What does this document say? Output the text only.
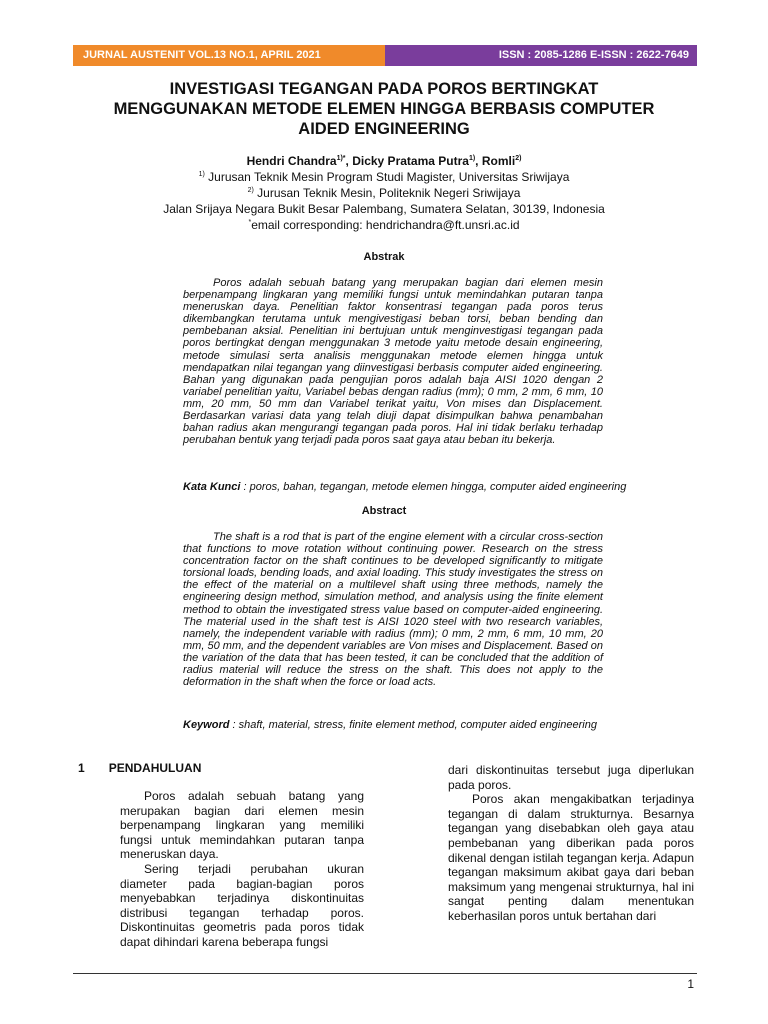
JURNAL AUSTENIT VOL.13 NO.1, APRIL 2021	ISSN : 2085-1286 E-ISSN : 2622-7649
INVESTIGASI TEGANGAN PADA POROS BERTINGKAT
MENGGUNAKAN METODE ELEMEN HINGGA BERBASIS COMPUTER
AIDED ENGINEERING
Hendri Chandra$^{1)*}$, Dicky Pratama Putra$^{1)}$, Romli$^{2)}$
$^{1)}$ Jurusan Teknik Mesin Program Studi Magister, Universitas Sriwijaya
$^{2)}$ Jurusan Teknik Mesin, Politeknik Negeri Sriwijaya
Jalan Srijaya Negara Bukit Besar Palembang, Sumatera Selatan, 30139, Indonesia
*email corresponding: hendrichandra@ft.unsri.ac.id
Abstrak

Poros adalah sebuah batang yang merupakan bagian dari elemen mesin berpenampang lingkaran yang memiliki fungsi untuk memindahkan putaran tanpa meneruskan daya. Penelitian faktor konsentrasi tegangan pada poros terus dikembangkan terutama untuk mengivestigasi beban torsi, beban bending dan pembebanan aksial. Penelitian ini bertujuan untuk menginvestigasi tegangan pada poros bertingkat dengan menggunakan 3 metode yaitu metode desain engineering, metode simulasi serta analisis menggunakan metode elemen hingga untuk mendapatkan nilai tegangan yang diinvestigasi berbasis computer aided engineering. Bahan yang digunakan pada pengujian poros adalah baja AISI 1020 dengan 2 variabel penelitian yaitu, Variabel bebas dengan radius (mm); 0 mm, 2 mm, 6 mm, 10 mm, 20 mm, 50 mm dan Variabel terikat yaitu, Von mises dan Displacement. Berdasarkan variasi data yang telah diuji dapat disimpulkan bahwa penambahan bahan radius akan mengurangi tegangan pada poros. Hal ini tidak berlaku terhadap perubahan bentuk yang terjadi pada poros saat gaya atau beban itu bekerja.

Kata Kunci : poros, bahan, tegangan, metode elemen hingga, computer aided engineering
Abstract

The shaft is a rod that is part of the engine element with a circular cross-section that functions to move rotation without continuing power. Research on the stress concentration factor on the shaft continues to be developed significantly to mitigate torsional loads, bending loads, and axial loading. This study investigates the stress on the effect of the material on a multilevel shaft using three methods, namely the engineering design method, simulation method, and analysis using the finite element method to obtain the investigated stress value based on computer-aided engineering. The material used in the shaft test is AISI 1020 steel with two research variables, namely, the independent variable with radius (mm); 0 mm, 2 mm, 6 mm, 10 mm, 20 mm, 50 mm, and the dependent variables are Von mises and Displacement. Based on the variation of the data that has been tested, it can be concluded that the addition of radius material will reduce the stress on the shaft. This does not apply to the deformation in the shaft when the force or load acts.

Keyword : shaft, material, stress, finite element method, computer aided engineering
1 PENDAHULUAN

Poros adalah sebuah batang yang merupakan bagian dari elemen mesin berpenampang lingkaran yang memiliki fungsi untuk memindahkan putaran tanpa meneruskan daya.

Sering terjadi perubahan ukuran diameter pada bagian-bagian poros menyebabkan terjadinya diskontinuitas distribusi tegangan terhadap poros. Diskontinuitas geometris pada poros tidak dapat dihindari karena beberapa fungsi

dari diskontinuitas tersebut juga diperlukan pada poros.

Poros akan mengakibatkan terjadinya tegangan di dalam strukturnya. Besarnya tegangan yang disebabkan oleh gaya atau pembebanan yang diberikan pada poros dikenal dengan istilah tegangan kerja. Adapun tegangan maksimum akibat gaya dari beban maksimum yang mengenai strukturnya, hal ini sangat penting dalam menentukan keberhasilan poros untuk bertahan dari

1
